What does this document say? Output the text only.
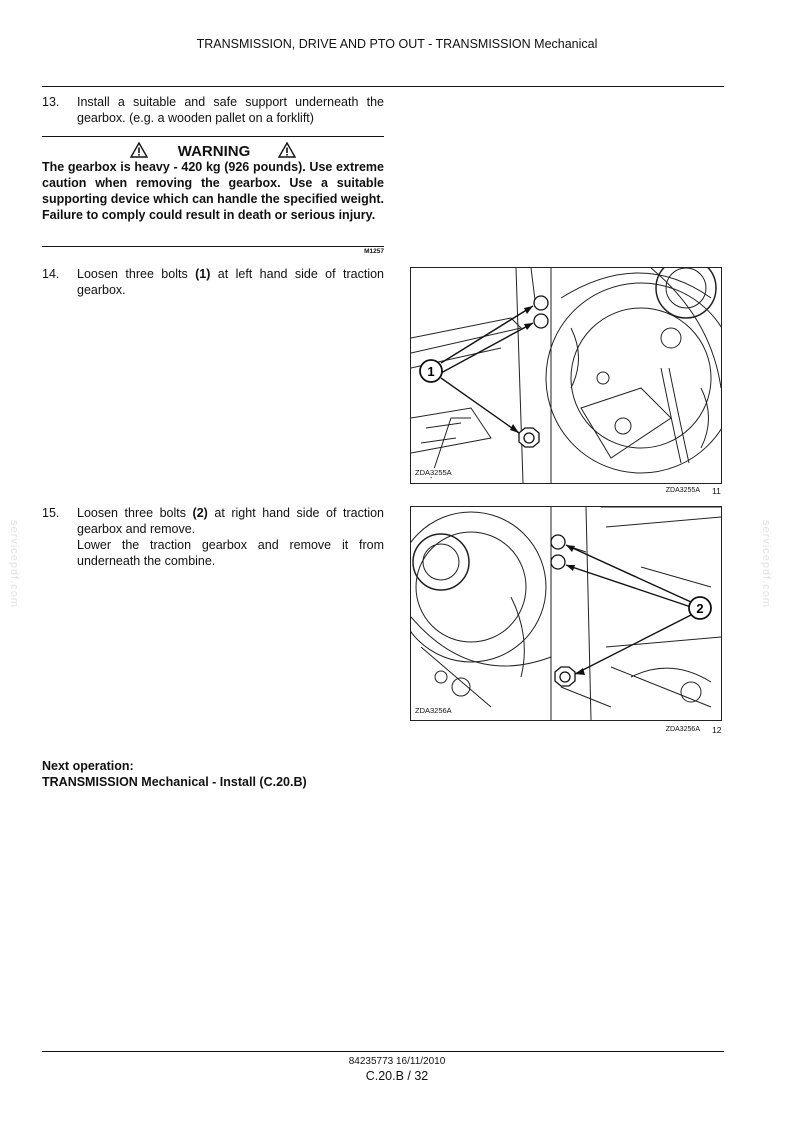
TRANSMISSION, DRIVE AND PTO OUT - TRANSMISSION Mechanical
13. Install a suitable and safe support underneath the gearbox. (e.g. a wooden pallet on a forklift)
WARNING
The gearbox is heavy - 420 kg (926 pounds). Use extreme caution when removing the gearbox. Use a suitable supporting device which can handle the specified weight. Failure to comply could result in death or serious injury.
M1257
14. Loosen three bolts (1) at left hand side of traction gearbox.
1
ZDA3255A
ZDA3255A 11
15. Loosen three bolts (2) at right hand side of traction gearbox and remove.
Lower the traction gearbox and remove it from underneath the combine.
2
ZDA3256A
ZDA3256A 12
Next operation:
TRANSMISSION Mechanical - Install (C.20.B)
servicepdf.com	servicepdf.com
84235773 16/11/2010
C.20.B / 32
